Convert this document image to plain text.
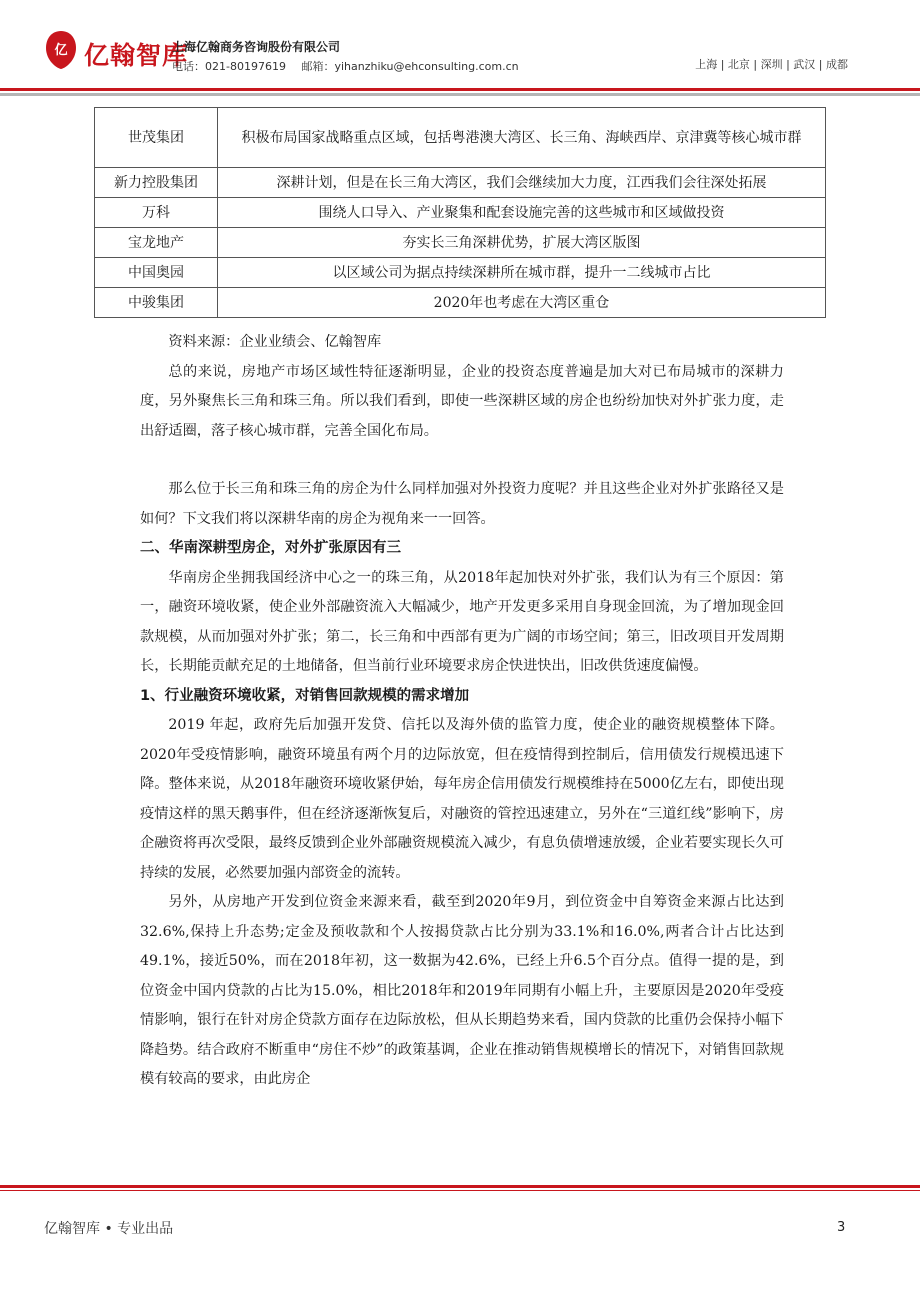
亿 亿翰智库
上海亿翰商务咨询股份有限公司
电话：021-80197619 邮箱：yihanzhiku@ehconsulting.com.cn	上海 | 北京 | 深圳 | 武汉 | 成都
世茂集团	积极布局国家战略重点区域，包括粤港澳大湾区、长三角、海峡西岸、京津冀等核心城市群
新力控股集团	深耕计划，但是在长三角大湾区，我们会继续加大力度，江西我们会往深处拓展
万科	围绕人口导入、产业聚集和配套设施完善的这些城市和区域做投资
宝龙地产	夯实长三角深耕优势，扩展大湾区版图
中国奥园	以区域公司为据点持续深耕所在城市群，提升一二线城市占比
中骏集团	2020年也考虑在大湾区重仓

资料来源：企业业绩会、亿翰智库

总的来说，房地产市场区域性特征逐渐明显，企业的投资态度普遍是加大对已布局城市的深耕力度，另外聚焦长三角和珠三角。所以我们看到，即使一些深耕区域的房企也纷纷加快对外扩张力度，走出舒适圈，落子核心城市群，完善全国化布局。

那么位于长三角和珠三角的房企为什么同样加强对外投资力度呢？并且这些企业对外扩张路径又是如何？下文我们将以深耕华南的房企为视角来一一回答。

二、华南深耕型房企，对外扩张原因有三

华南房企坐拥我国经济中心之一的珠三角，从2018年起加快对外扩张，我们认为有三个原因：第一，融资环境收紧，使企业外部融资流入大幅减少，地产开发更多采用自身现金回流，为了增加现金回款规模，从而加强对外扩张；第二，长三角和中西部有更为广阔的市场空间；第三，旧改项目开发周期长，长期能贡献充足的土地储备，但当前行业环境要求房企快进快出，旧改供货速度偏慢。

1、行业融资环境收紧，对销售回款规模的需求增加

2019 年起，政府先后加强开发贷、信托以及海外债的监管力度，使企业的融资规模整体下降。2020年受疫情影响，融资环境虽有两个月的边际放宽，但在疫情得到控制后，信用债发行规模迅速下降。整体来说，从2018年融资环境收紧伊始，每年房企信用债发行规模维持在5000亿左右，即使出现疫情这样的黑天鹅事件，但在经济逐渐恢复后，对融资的管控迅速建立，另外在“三道红线”影响下，房企融资将再次受限，最终反馈到企业外部融资规模流入减少，有息负债增速放缓，企业若要实现长久可持续的发展，必然要加强内部资金的流转。

另外，从房地产开发到位资金来源来看，截至到2020年9月，到位资金中自筹资金来源占比达到32.6%,保持上升态势;定金及预收款和个人按揭贷款占比分别为33.1%和16.0%,两者合计占比达到49.1%，接近50%，而在2018年初，这一数据为42.6%，已经上升6.5个百分点。值得一提的是，到位资金中国内贷款的占比为15.0%，相比2018年和2019年同期有小幅上升，主要原因是2020年受疫情影响，银行在针对房企贷款方面存在边际放松，但从长期趋势来看，国内贷款的比重仍会保持小幅下降趋势。结合政府不断重申“房住不炒”的政策基调，企业在推动销售规模增长的情况下，对销售回款规模有较高的要求，由此房企

亿翰智库 • 专业出品	3
